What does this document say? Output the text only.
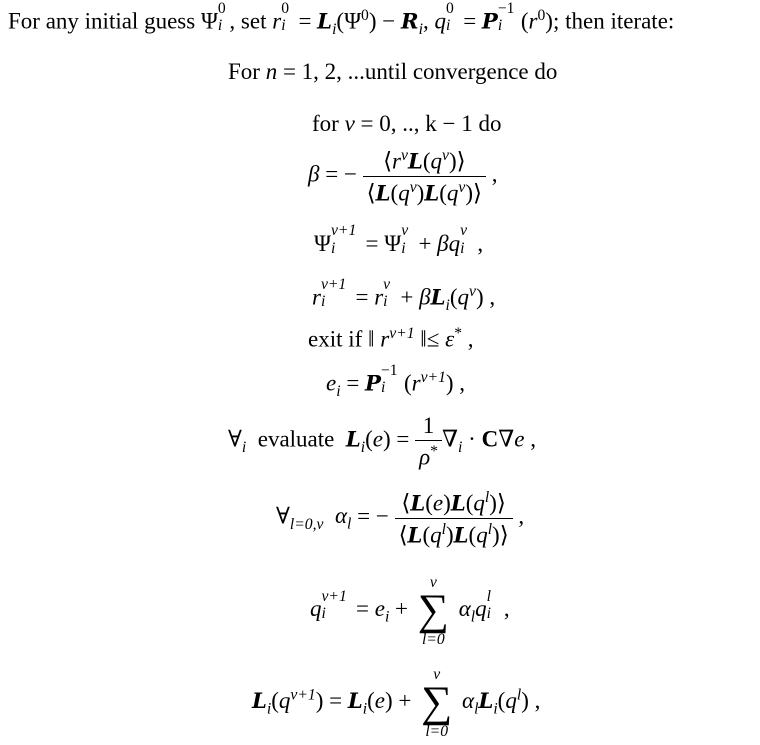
For any initial guess Ψ
0
i , set r
0
$i = L_i(\Psi^0) - R_i$, q
0
i = P
−1
i $(r^0)$; then iterate:
For n = 1, 2, ...until convergence do
for ν = 0, .., k − 1 do
β = − $\frac{⟨r^\nu L(q^\nu)⟩}{⟨L(q^\nu)L(q^\nu)⟩}$ ,
Ψ
ν+1
i = Ψ
ν
i + βq
ν
i ,
r
ν+1
i = r
ν
$i + \beta L_i(q^\nu)$ ,
exit if ‖ $r^{\nu+1}$ ‖≤ ε* ,
$e_i = P$
−1
i $(r^{\nu+1})$ ,
$\forall_i$ evaluate $L_i(e) = \frac{1}{\rho^*} \nabla_i \cdot C\nabla e$ ,
$\forall_{l=0,\nu}$ $\alpha_l$ = − $\frac{⟨L(e)L(q^l)⟩}{⟨L(q^l)L(q^l)⟩}$ ,
q
ν+1
$i = e_i$ +
ν
∑
l=0
$\alpha_lq$
l
i ,
$L_i(q^{\nu+1}) = L_i(e)$ +
ν
∑
l=0
$\alpha_lL_i(q^l)$ ,
